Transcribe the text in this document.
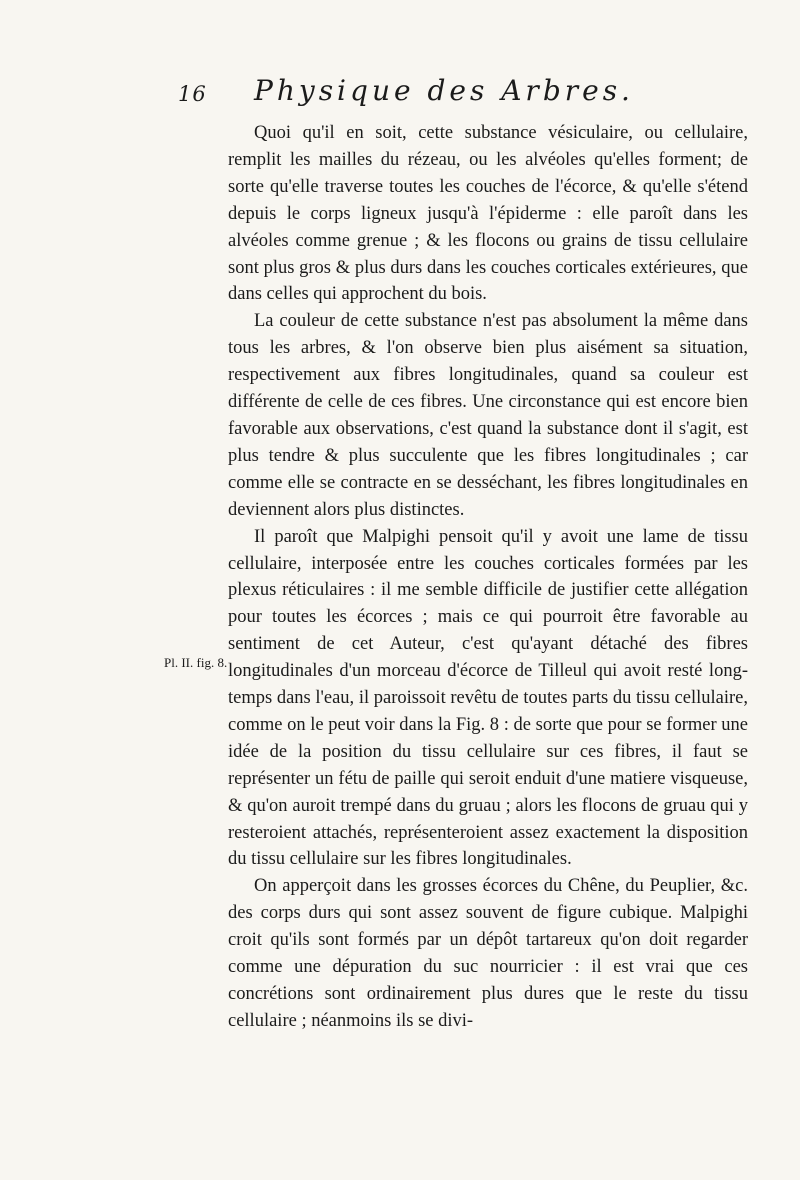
16 Physique des Arbres.
Pl. II. fig. 8.

Quoi qu'il en soit, cette substance vésiculaire, ou cellulaire, remplit les mailles du rézeau, ou les alvéoles qu'elles forment; de sorte qu'elle traverse toutes les couches de l'écorce, & qu'elle s'étend depuis le corps ligneux jusqu'à l'épiderme : elle paroît dans les alvéoles comme grenue ; & les flocons ou grains de tissu cellulaire sont plus gros & plus durs dans les couches corticales extérieures, que dans celles qui approchent du bois.

La couleur de cette substance n'est pas absolument la même dans tous les arbres, & l'on observe bien plus aisément sa situation, respectivement aux fibres longitudinales, quand sa couleur est différente de celle de ces fibres. Une circonstance qui est encore bien favorable aux observations, c'est quand la substance dont il s'agit, est plus tendre & plus succulente que les fibres longitudinales ; car comme elle se contracte en se desséchant, les fibres longitudinales en deviennent alors plus distinctes.

Il paroît que Malpighi pensoit qu'il y avoit une lame de tissu cellulaire, interposée entre les couches corticales formées par les plexus réticulaires : il me semble difficile de justifier cette allégation pour toutes les écorces ; mais ce qui pourroit être favorable au sentiment de cet Auteur, c'est qu'ayant détaché des fibres longitudinales d'un morceau d'écorce de Tilleul qui avoit resté long-temps dans l'eau, il paroissoit revêtu de toutes parts du tissu cellulaire, comme on le peut voir dans la Fig. 8 : de sorte que pour se former une idée de la position du tissu cellulaire sur ces fibres, il faut se représenter un fétu de paille qui seroit enduit d'une matiere visqueuse, & qu'on auroit trempé dans du gruau ; alors les flocons de gruau qui y resteroient attachés, représenteroient assez exactement la disposition du tissu cellulaire sur les fibres longitudinales.

On apperçoit dans les grosses écorces du Chêne, du Peuplier, &c. des corps durs qui sont assez souvent de figure cubique. Malpighi croit qu'ils sont formés par un dépôt tartareux qu'on doit regarder comme une dépuration du suc nourricier : il est vrai que ces concrétions sont ordinairement plus dures que le reste du tissu cellulaire ; néanmoins ils se divi-
